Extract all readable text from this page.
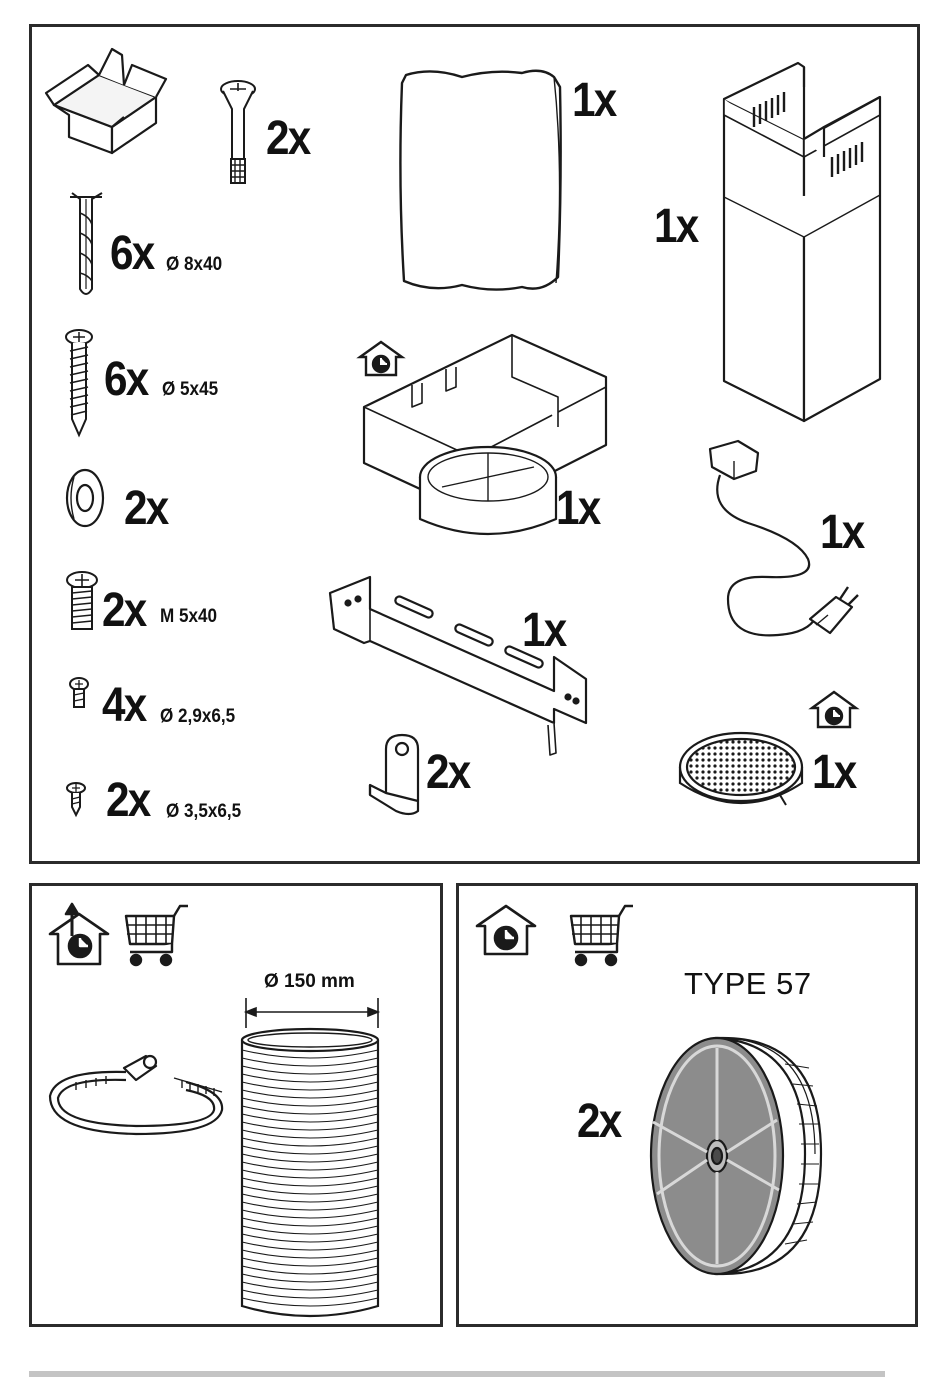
2x
6x Ø 8x40
6x Ø 5x45
2x
2x M 5x40
4x Ø 2,9x6,5
2x Ø 3,5x6,5
1x
1x
1x	1x
1x
2x	1x
Ø 150 mm	TYPE 57
2x
